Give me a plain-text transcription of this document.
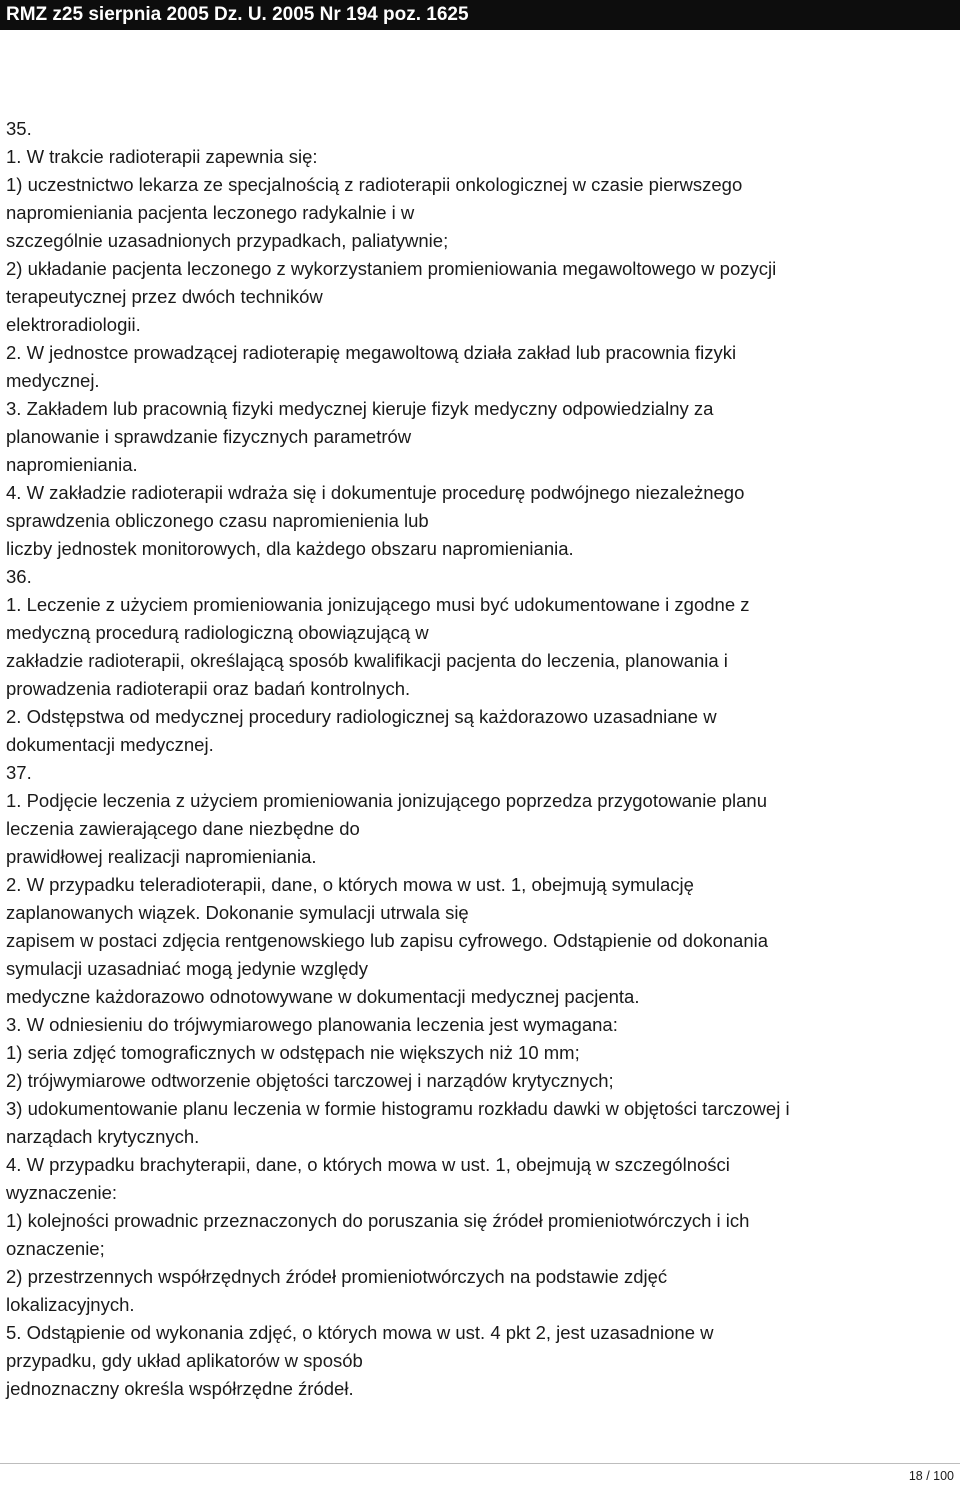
RMZ z25 sierpnia 2005 Dz. U. 2005 Nr 194 poz. 1625
35.
1. W trakcie radioterapii zapewnia się:
1) uczestnictwo lekarza ze specjalnością z radioterapii onkologicznej w czasie pierwszego
napromieniania pacjenta leczonego radykalnie i w
szczególnie uzasadnionych przypadkach, paliatywnie;
2) układanie pacjenta leczonego z wykorzystaniem promieniowania megawoltowego w pozycji
terapeutycznej przez dwóch techników
elektroradiologii.
2. W jednostce prowadzącej radioterapię megawoltową działa zakład lub pracownia fizyki
medycznej.
3. Zakładem lub pracownią fizyki medycznej kieruje fizyk medyczny odpowiedzialny za
planowanie i sprawdzanie fizycznych parametrów
napromieniania.
4. W zakładzie radioterapii wdraża się i dokumentuje procedurę podwójnego niezależnego
sprawdzenia obliczonego czasu napromienienia lub
liczby jednostek monitorowych, dla każdego obszaru napromieniania.
36.
1. Leczenie z użyciem promieniowania jonizującego musi być udokumentowane i zgodne z
medyczną procedurą radiologiczną obowiązującą w
zakładzie radioterapii, określającą sposób kwalifikacji pacjenta do leczenia, planowania i
prowadzenia radioterapii oraz badań kontrolnych.
2. Odstępstwa od medycznej procedury radiologicznej są każdorazowo uzasadniane w
dokumentacji medycznej.
37.
1. Podjęcie leczenia z użyciem promieniowania jonizującego poprzedza przygotowanie planu
leczenia zawierającego dane niezbędne do
prawidłowej realizacji napromieniania.
2. W przypadku teleradioterapii, dane, o których mowa w ust. 1, obejmują symulację
zaplanowanych wiązek. Dokonanie symulacji utrwala się
zapisem w postaci zdjęcia rentgenowskiego lub zapisu cyfrowego. Odstąpienie od dokonania
symulacji uzasadniać mogą jedynie względy
medyczne każdorazowo odnotowywane w dokumentacji medycznej pacjenta.
3. W odniesieniu do trójwymiarowego planowania leczenia jest wymagana:
1) seria zdjęć tomograficznych w odstępach nie większych niż 10 mm;
2) trójwymiarowe odtworzenie objętości tarczowej i narządów krytycznych;
3) udokumentowanie planu leczenia w formie histogramu rozkładu dawki w objętości tarczowej i
narządach krytycznych.
4. W przypadku brachyterapii, dane, o których mowa w ust. 1, obejmują w szczególności
wyznaczenie:
1) kolejności prowadnic przeznaczonych do poruszania się źródeł promieniotwórczych i ich
oznaczenie;
2) przestrzennych współrzędnych źródeł promieniotwórczych na podstawie zdjęć
lokalizacyjnych.
5. Odstąpienie od wykonania zdjęć, o których mowa w ust. 4 pkt 2, jest uzasadnione w
przypadku, gdy układ aplikatorów w sposób
jednoznaczny określa współrzędne źródeł.
18 / 100
